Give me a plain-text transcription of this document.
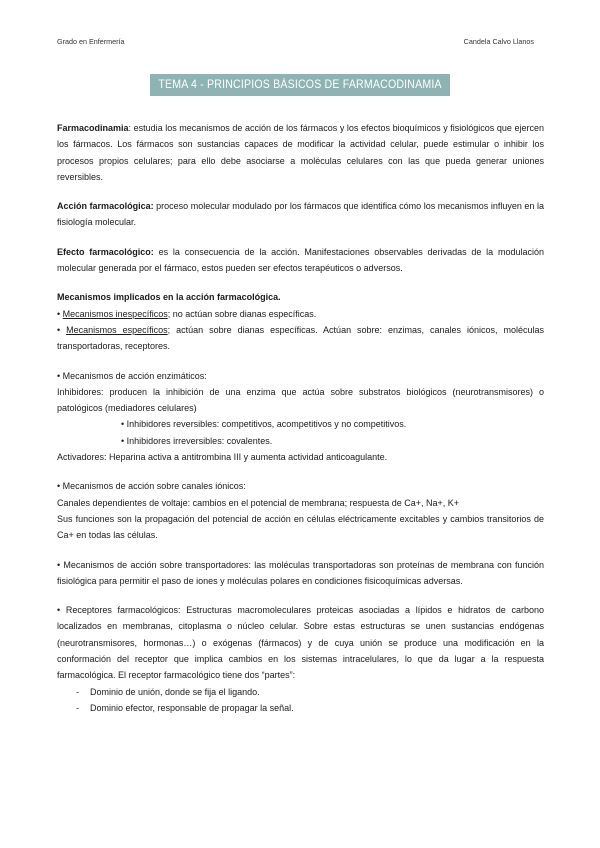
Grado en Enfermería	Candela Calvo Llanos
TEMA 4 - PRINCIPIOS BÁSICOS DE FARMACODINAMIA

Farmacodinamia: estudia los mecanismos de acción de los fármacos y los efectos bioquímicos y fisiológicos que ejercen los fármacos. Los fármacos son sustancias capaces de modificar la actividad celular, puede estimular o inhibir los procesos propios celulares; para ello debe asociarse a moléculas celulares con las que pueda generar uniones reversibles.

Acción farmacológica: proceso molecular modulado por los fármacos que identifica cómo los mecanismos influyen en la fisiología molecular.

Efecto farmacológico: es la consecuencia de la acción. Manifestaciones observables derivadas de la modulación molecular generada por el fármaco, estos pueden ser efectos terapéuticos o adversos.

Mecanismos implicados en la acción farmacológica.

• Mecanismos inespecíficos; no actúan sobre dianas específicas.

• Mecanismos específicos; actúan sobre dianas específicas. Actúan sobre: enzimas, canales iónicos, moléculas transportadoras, receptores.

• Mecanismos de acción enzimáticos:

Inhibidores: producen la inhibición de una enzima que actúa sobre substratos biológicos (neurotransmisores) o patológicos (mediadores celulares)

• Inhibidores reversibles: competitivos, acompetitivos y no competitivos.

• Inhibidores irreversibles: covalentes.

Activadores: Heparina activa a antitrombina III y aumenta actividad anticoagulante.

• Mecanismos de acción sobre canales iónicos:

Canales dependientes de voltaje: cambios en el potencial de membrana; respuesta de Ca+, Na+, K+

Sus funciones son la propagación del potencial de acción en células eléctricamente excitables y cambios transitorios de Ca+ en todas las células.

• Mecanismos de acción sobre transportadores: las moléculas transportadoras son proteínas de membrana con función fisiológica para permitir el paso de iones y moléculas polares en condiciones fisicoquímicas adversas.

• Receptores farmacológicos: Estructuras macromoleculares proteicas asociadas a lípidos e hidratos de carbono localizados en membranas, citoplasma o núcleo celular. Sobre estas estructuras se unen sustancias endógenas (neurotransmisores, hormonas…) o exógenas (fármacos) y de cuya unión se produce una modificación en la conformación del receptor que implica cambios en los sistemas intracelulares, lo que da lugar a la respuesta farmacológica. El receptor farmacológico tiene dos “partes”:

- Dominio de unión, donde se fija el ligando.

- Dominio efector, responsable de propagar la señal.
